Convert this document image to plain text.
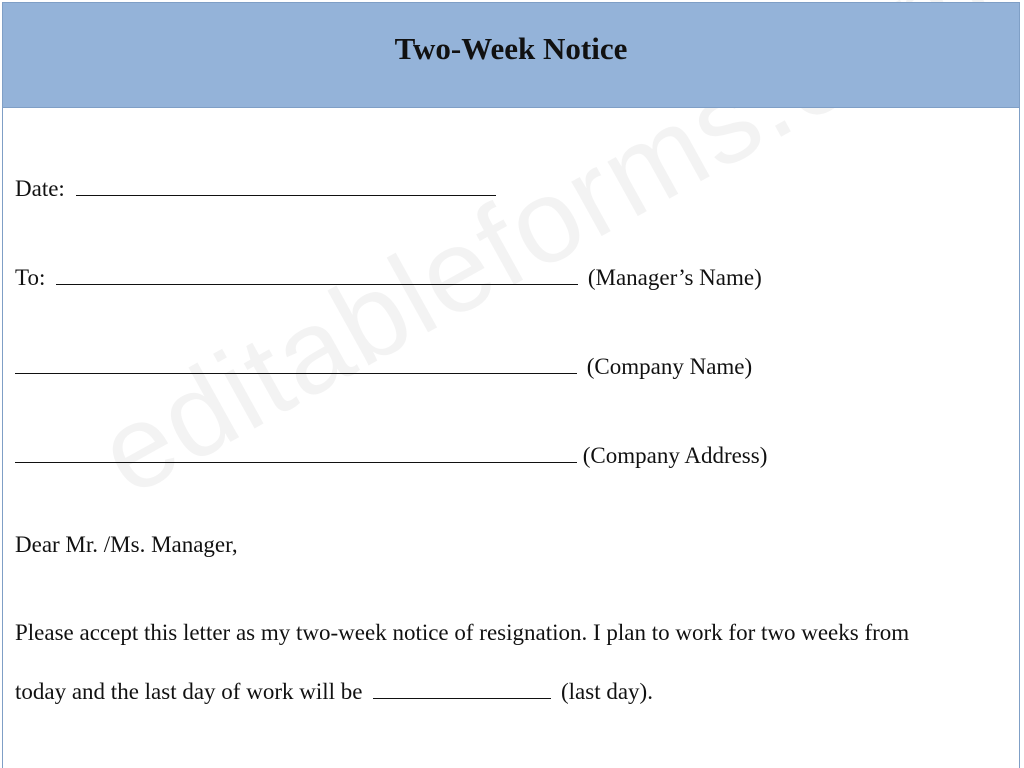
Two-Week Notice
Date:
To:	(Manager’s Name)
(Company Name)
(Company Address)
Dear Mr. /Ms. Manager,
Please accept this letter as my two-week notice of resignation. I plan to work for two weeks from
today and the last day of work will be	(last day).
